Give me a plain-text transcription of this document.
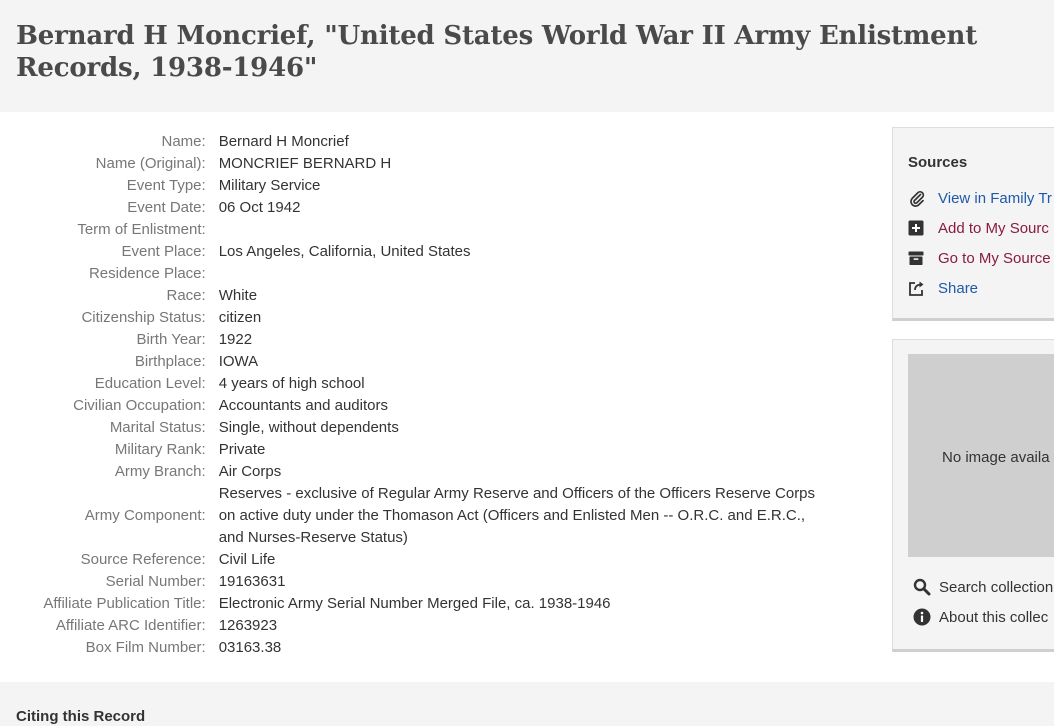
Bernard H Moncrief, "United States World War II Army Enlistment Records, 1938-1946"
Name:	Bernard H Moncrief
Name (Original):	MONCRIEF BERNARD H
Event Type:	Military Service
Event Date:	06 Oct 1942
Term of Enlistment:	
Event Place:	Los Angeles, California, United States
Residence Place:	
Race:	White
Citizenship Status:	citizen
Birth Year:	1922
Birthplace:	IOWA
Education Level:	4 years of high school
Civilian Occupation:	Accountants and auditors
Marital Status:	Single, without dependents
Military Rank:	Private
Army Branch:	Air Corps
Army Component:	Reserves - exclusive of Regular Army Reserve and Officers of the Officers Reserve Corps on active duty under the Thomason Act (Officers and Enlisted Men -- O.R.C. and E.R.C., and Nurses-Reserve Status)
Source Reference:	Civil Life
Serial Number:	19163631
Affiliate Publication Title:	Electronic Army Serial Number Merged File, ca. 1938-1946
Affiliate ARC Identifier:	1263923
Box Film Number:	03163.38
Sources
View in Family Tr
Add to My Sourc
Go to My Source
Share
No image availa
Search collection
About this collec
Citing this Record
